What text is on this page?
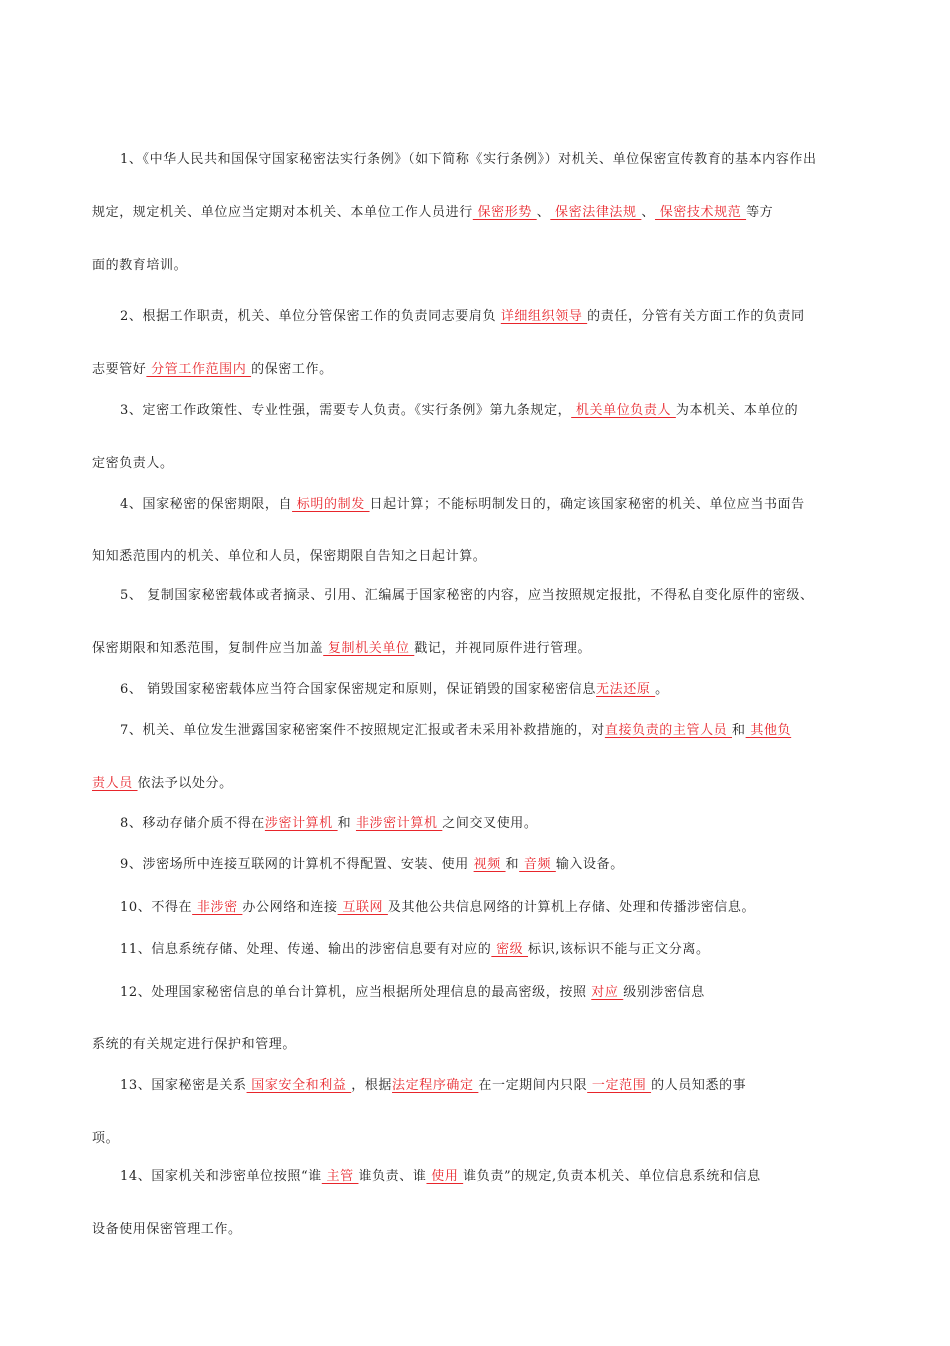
1、《中华人民共和国保守国家秘密法实行条例》（如下简称《实行条例》）对机关、单位保密宣传教育的基本内容作出
规定，规定机关、单位应当定期对本机关、本单位工作人员进行 保密形势 、 保密法律法规 、 保密技术规范 等方
面的教育培训。
2、根据工作职责，机关、单位分管保密工作的负责同志要肩负 详细组织领导 的责任，分管有关方面工作的负责同
志要管好 分管工作范围内 的保密工作。
3、定密工作政策性、专业性强，需要专人负责。《实行条例》第九条规定， 机关单位负责人 为本机关、本单位的
定密负责人。
4、国家秘密的保密期限，自 标明的制发 日起计算；不能标明制发日的，确定该国家秘密的机关、单位应当书面告
知知悉范围内的机关、单位和人员，保密期限自告知之日起计算。
5、 复制国家秘密载体或者摘录、引用、汇编属于国家秘密的内容，应当按照规定报批，不得私自变化原件的密级、
保密期限和知悉范围，复制件应当加盖 复制机关单位 戳记，并视同原件进行管理。
6、 销毁国家秘密载体应当符合国家保密规定和原则，保证销毁的国家秘密信息无法还原 。
7、机关、单位发生泄露国家秘密案件不按照规定汇报或者未采用补救措施的，对直接负责的主管人员 和 其他负
责人员 依法予以处分。
8、移动存储介质不得在涉密计算机 和 非涉密计算机 之间交叉使用。
9、涉密场所中连接互联网的计算机不得配置、安装、使用 视频 和 音频 输入设备。
10、不得在 非涉密 办公网络和连接 互联网 及其他公共信息网络的计算机上存储、处理和传播涉密信息。
11、信息系统存储、处理、传递、输出的涉密信息要有对应的 密级 标识,该标识不能与正文分离。
12、处理国家秘密信息的单台计算机，应当根据所处理信息的最高密级，按照 对应 级别涉密信息
系统的有关规定进行保护和管理。
13、国家秘密是关系 国家安全和利益 ，根据法定程序确定 在一定期间内只限 一定范围 的人员知悉的事
项。
14、国家机关和涉密单位按照“谁 主管 谁负责、谁 使用 谁负责”的规定,负责本机关、单位信息系统和信息
设备使用保密管理工作。
